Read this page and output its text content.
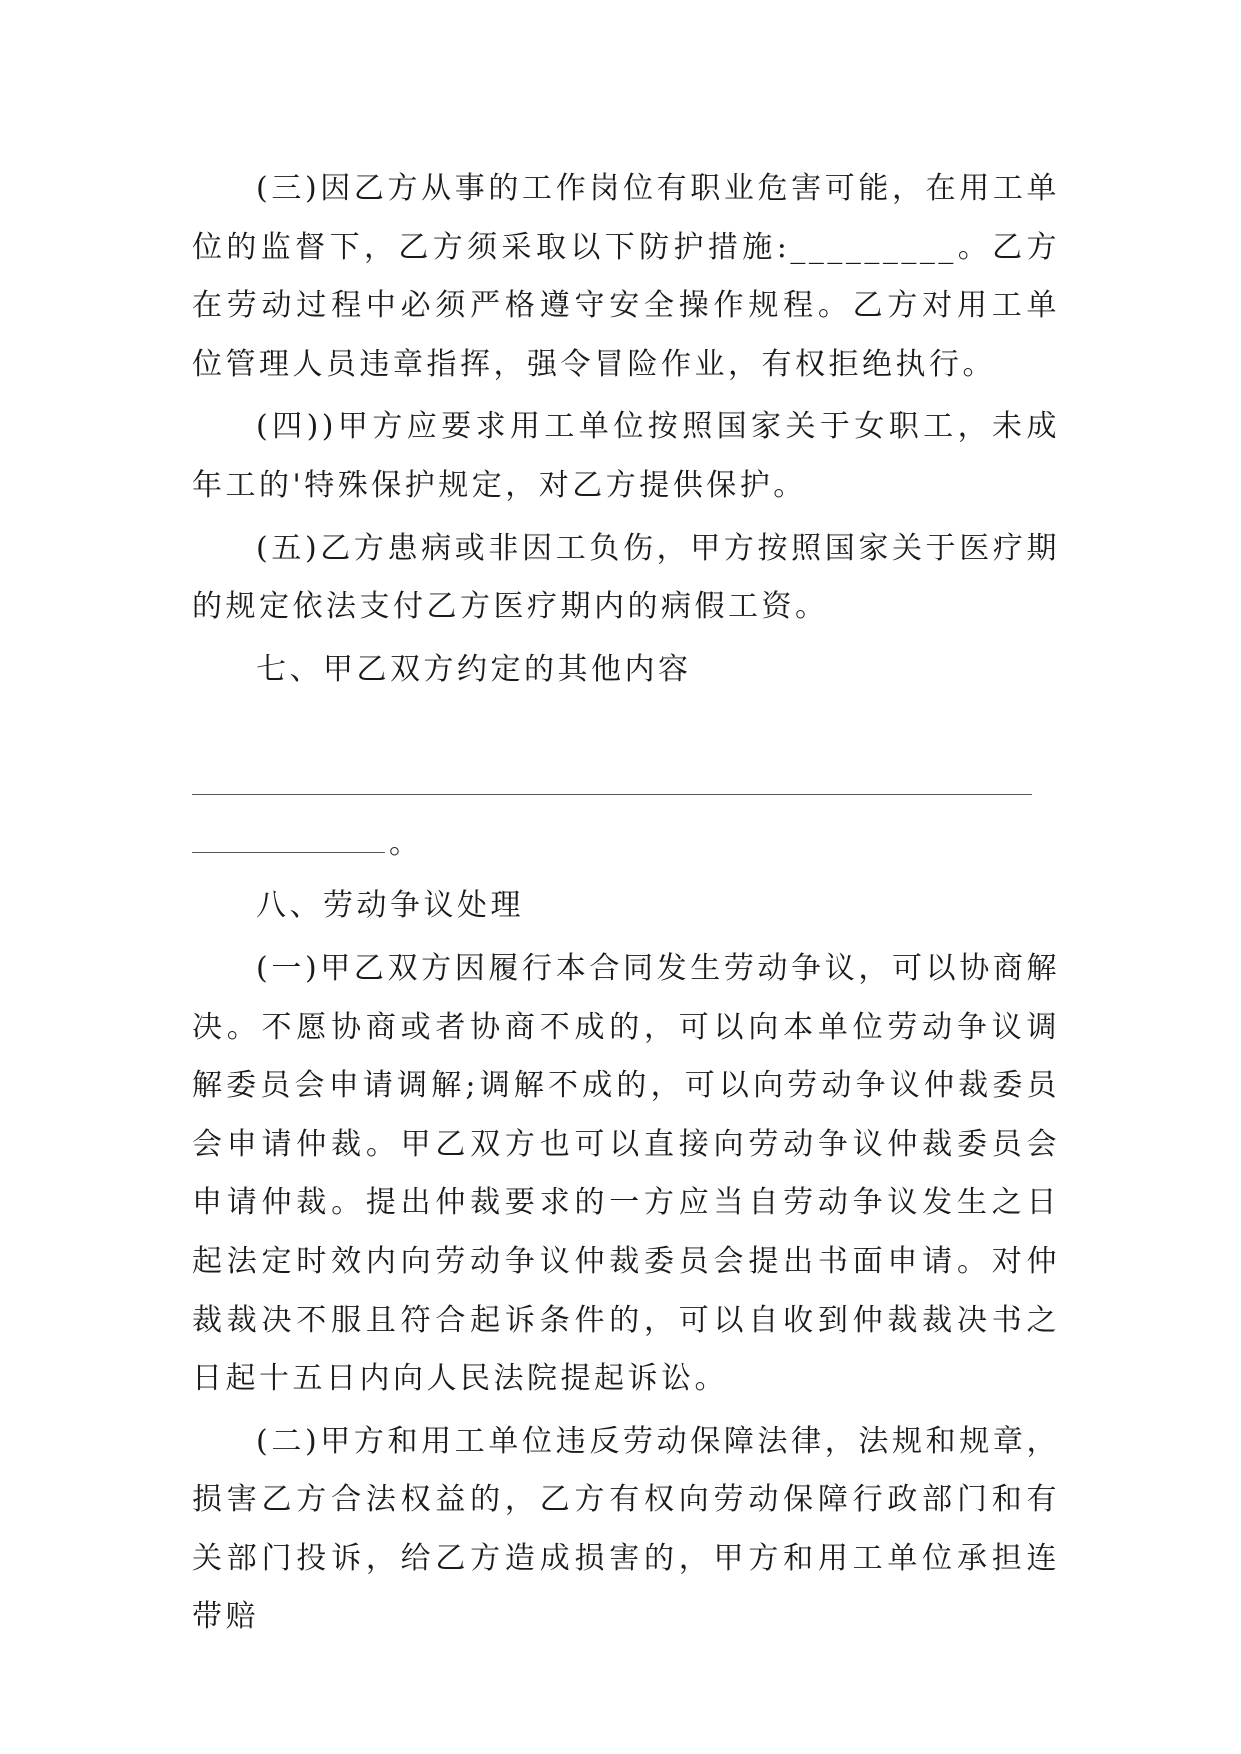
(三)因乙方从事的工作岗位有职业危害可能，在用工单位的监督下，乙方须采取以下防护措施:_________。乙方在劳动过程中必须严格遵守安全操作规程。乙方对用工单位管理人员违章指挥，强令冒险作业，有权拒绝执行。

(四))甲方应要求用工单位按照国家关于女职工，未成年工的'特殊保护规定，对乙方提供保护。

(五)乙方患病或非因工负伤，甲方按照国家关于医疗期的规定依法支付乙方医疗期内的病假工资。

七、甲乙双方约定的其他内容

。

八、劳动争议处理

(一)甲乙双方因履行本合同发生劳动争议，可以协商解决。不愿协商或者协商不成的，可以向本单位劳动争议调解委员会申请调解;调解不成的，可以向劳动争议仲裁委员会申请仲裁。甲乙双方也可以直接向劳动争议仲裁委员会申请仲裁。提出仲裁要求的一方应当自劳动争议发生之日起法定时效内向劳动争议仲裁委员会提出书面申请。对仲裁裁决不服且符合起诉条件的，可以自收到仲裁裁决书之日起十五日内向人民法院提起诉讼。

(二)甲方和用工单位违反劳动保障法律，法规和规章，损害乙方合法权益的，乙方有权向劳动保障行政部门和有关部门投诉，给乙方造成损害的，甲方和用工单位承担连带赔
